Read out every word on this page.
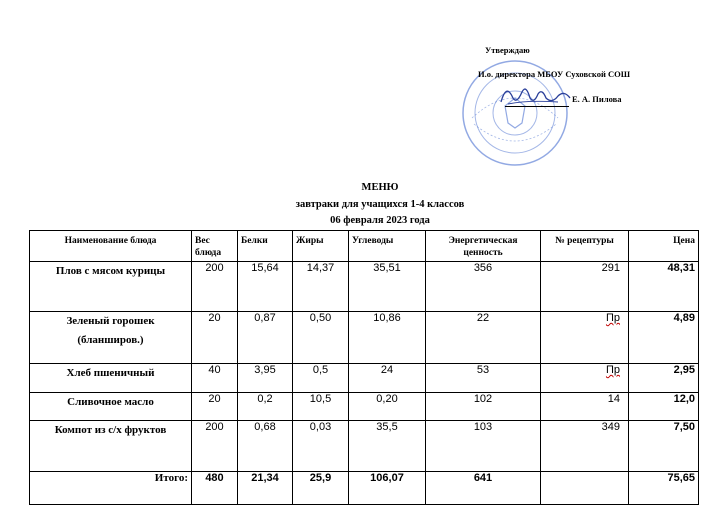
Утверждаю
И.о. директора МБОУ Суховской СОШ
Е. А. Пилова
МЕНЮ
завтраки для учащихся 1-4 классов
06 февраля 2023 года
Наименование блюда	Вес блюда	Белки	Жиры	Углеводы	Энергетическая ценность	№ рецептуры	Цена
Плов с мясом курицы	200	15,64	14,37	35,51	356	291	48,31
Зеленый горошек (бланширов.)	20	0,87	0,50	10,86	22	Пр	4,89
Хлеб пшеничный	40	3,95	0,5	24	53	Пр	2,95
Сливочное масло	20	0,2	10,5	0,20	102	14	12,0
Компот из с/х фруктов	200	0,68	0,03	35,5	103	349	7,50
Итого:	480	21,34	25,9	106,07	641		75,65
